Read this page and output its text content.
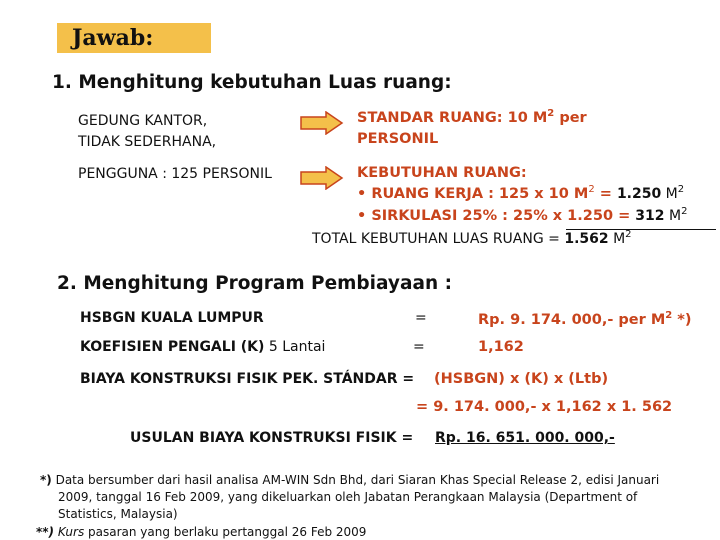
Jawab:
1. Menghitung kebutuhan Luas ruang:
GEDUNG KANTOR,
TIDAK SEDERHANA,
STANDAR RUANG: 10 $M^2$ per
PERSONIL
PENGGUNA : 125 PERSONIL	KEBUTUHAN RUANG:
• RUANG KERJA : 125 x 10 $M^2 = 1.250$ $M^2$
• SIRKULASI 25% : 25% x 1.250 = 312 $M^2$
TOTAL KEBUTUHAN LUAS RUANG = 1.562 $M^2$
2. Menghitung Program Pembiayaan :
HSBGN KUALA LUMPUR	=	Rp. 9. 174. 000,- per $M^2$ *)
KOEFISIEN PENGALI (K) 5 Lantai	=	1,162
BIAYA KONSTRUKSI FISIK PEK. STÁNDAR = (HSBGN) x (K) x (Ltb)
= 9. 174. 000,- x 1,162 x 1. 562
USULAN BIAYA KONSTRUKSI FISIK = Rp. 16. 651. 000. 000,-
*) Data bersumber dari hasil analisa AM-WIN Sdn Bhd, dari Siaran Khas Special Release 2, edisi Januari
2009, tanggal 16 Feb 2009, yang dikeluarkan oleh Jabatan Perangkaan Malaysia (Department of
Statistics, Malaysia)
**) Kurs pasaran yang berlaku pertanggal 26 Feb 2009
